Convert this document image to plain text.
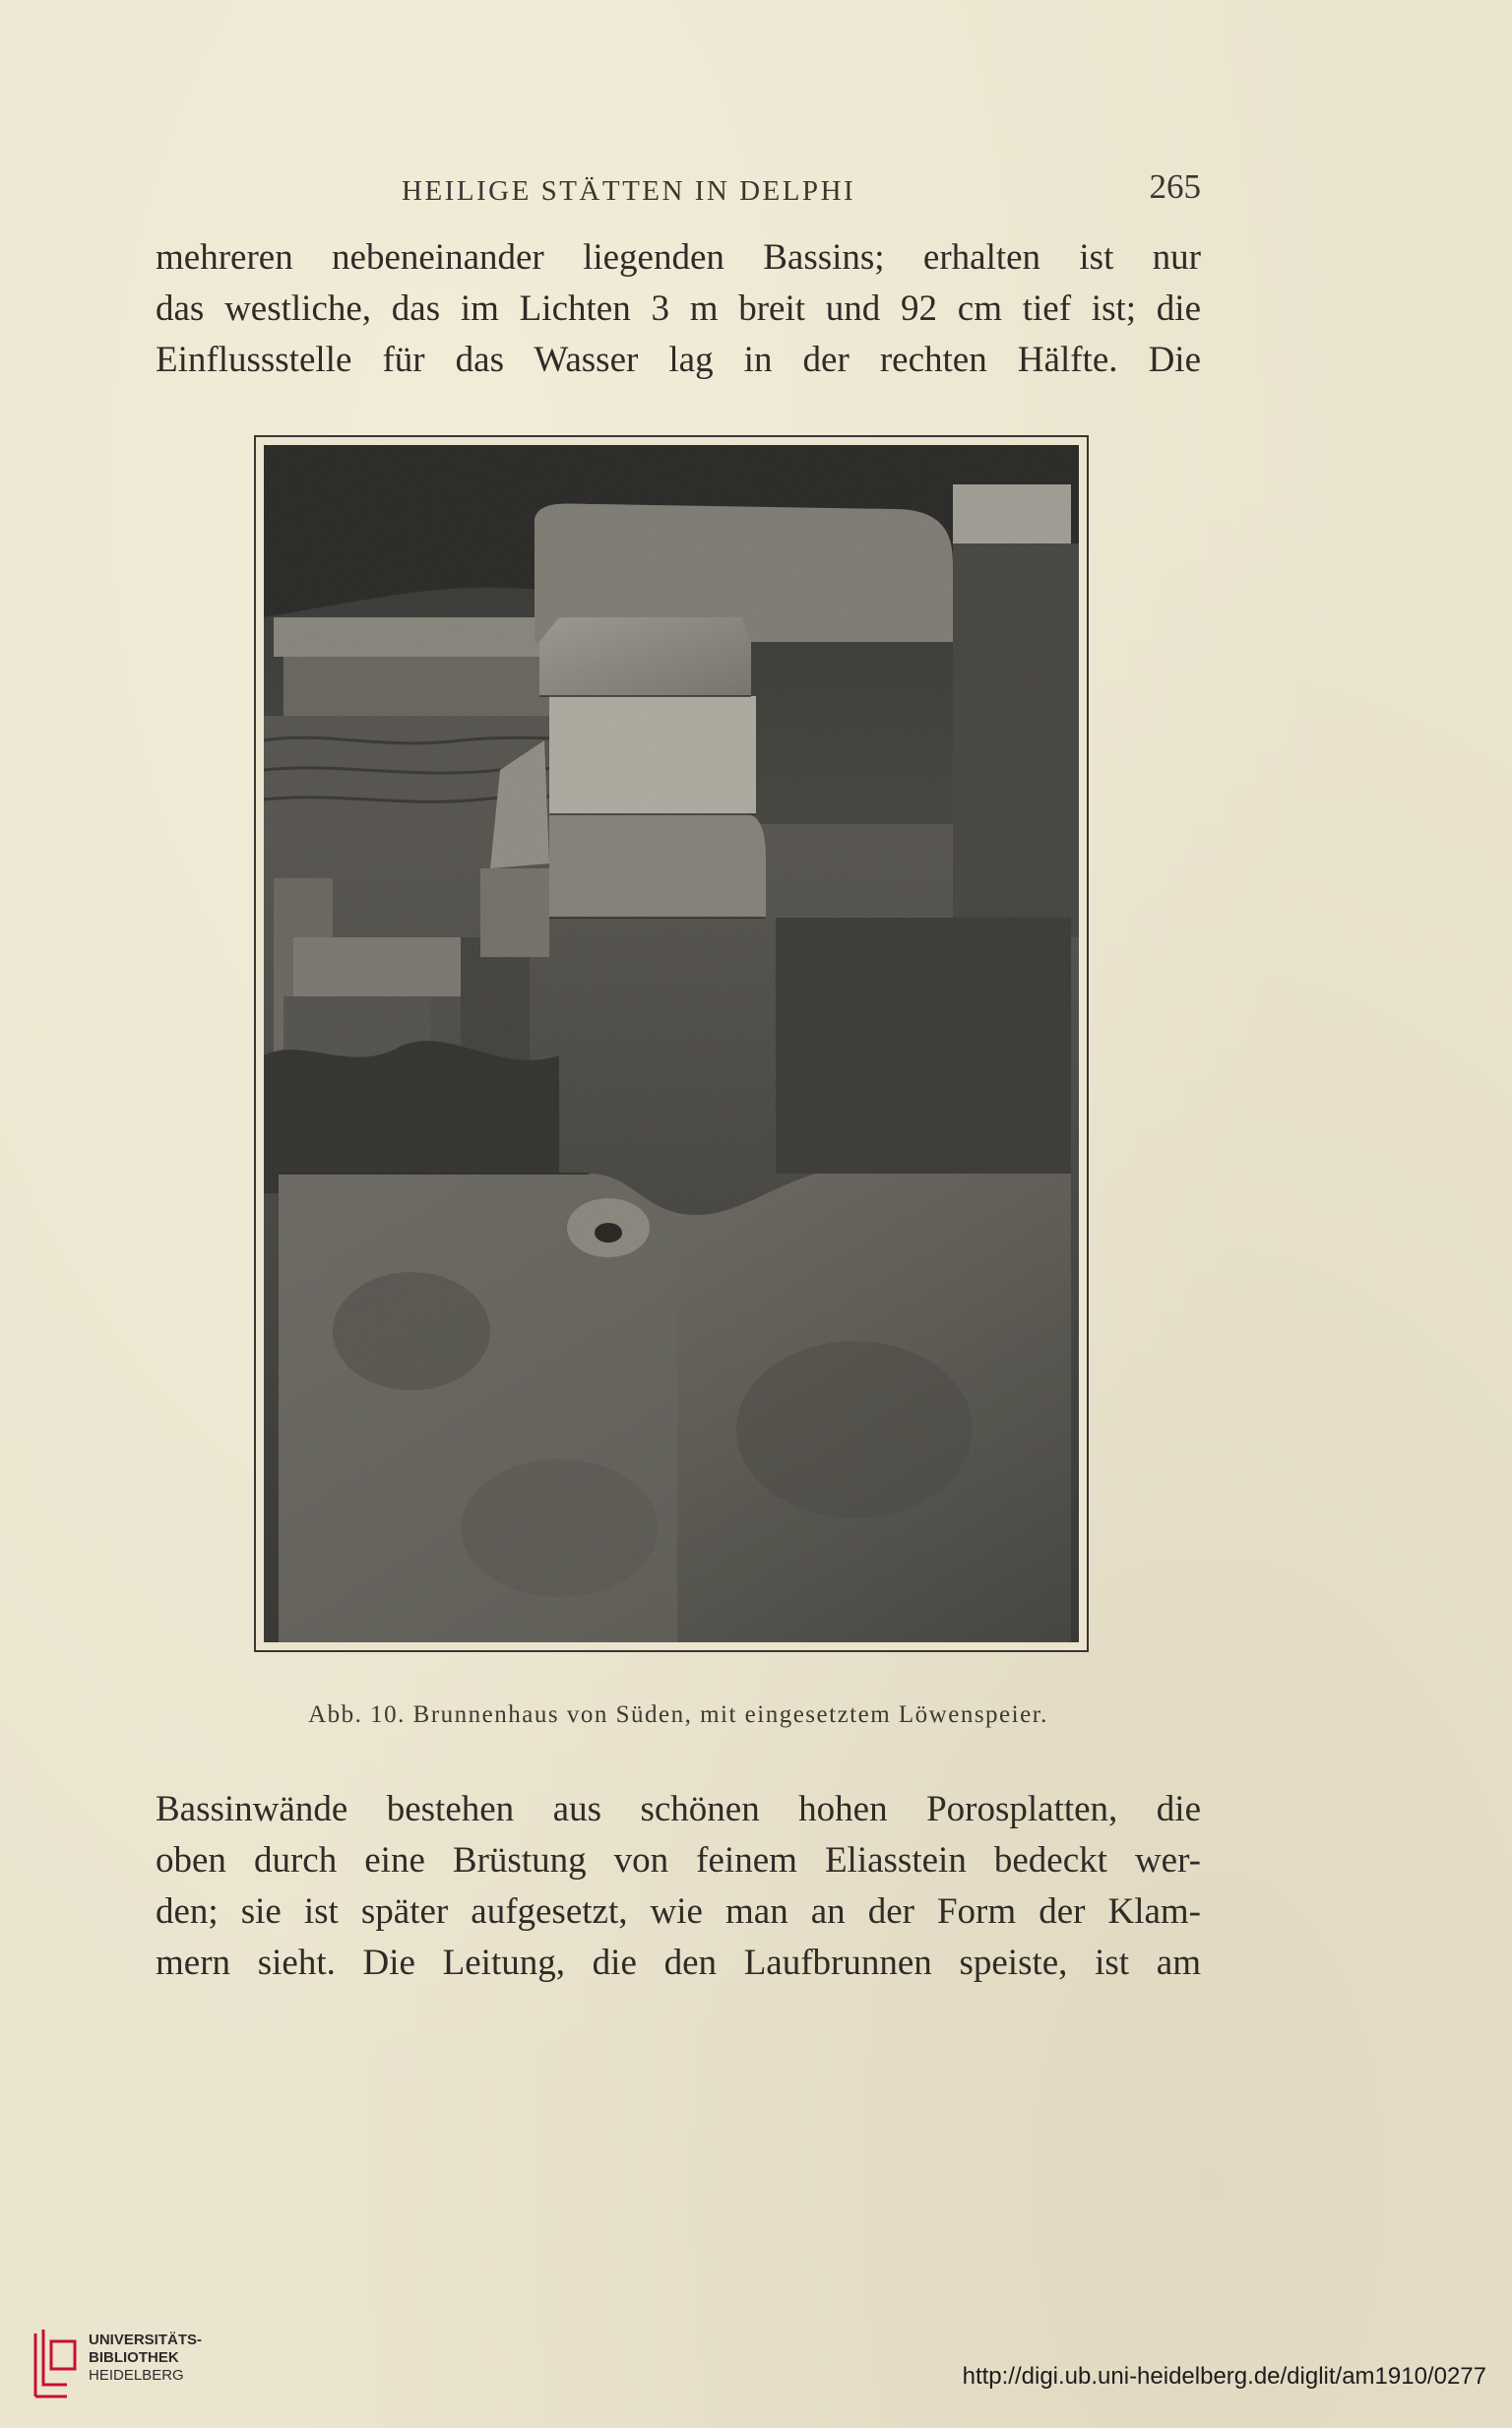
HEILIGE STÄTTEN IN DELPHI	265
mehreren nebeneinander liegenden Bassins; erhalten ist nur
das westliche, das im Lichten 3 m breit und 92 cm tief ist; die
Einflussstelle für das Wasser lag in der rechten Hälfte. Die
Abb. 10. Brunnenhaus von Süden, mit eingesetztem Löwenspeier.
Bassinwände bestehen aus schönen hohen Porosplatten, die
oben durch eine Brüstung von feinem Eliasstein bedeckt wer-
den; sie ist später aufgesetzt, wie man an der Form der Klam-
mern sieht. Die Leitung, die den Laufbrunnen speiste, ist am
UNIVERSITÄTS-
BIBLIOTHEK
HEIDELBERG	http://digi.ub.uni-heidelberg.de/diglit/am1910/0277
